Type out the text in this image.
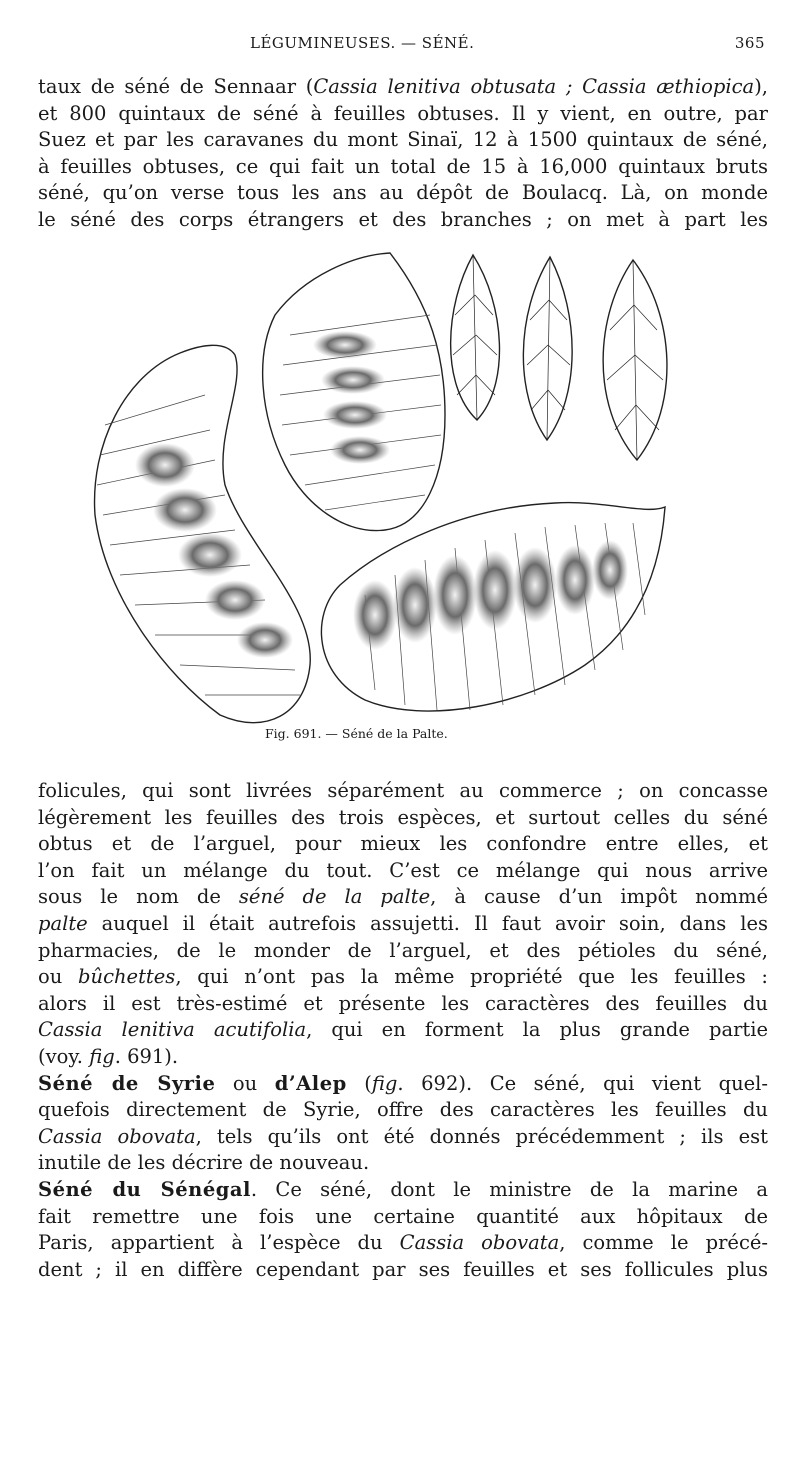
LÉGUMINEUSES. — SÉNÉ.	365
taux de séné de Sennaar (Cassia lenitiva obtusata ; Cassia æthiopica),
et 800 quintaux de séné à feuilles obtuses. Il y vient, en outre, par
Suez et par les caravanes du mont Sinaï, 12 à 1500 quintaux de séné,
à feuilles obtuses, ce qui fait un total de 15 à 16,000 quintaux bruts
séné, qu’on verse tous les ans au dépôt de Boulacq. Là, on monde
le séné des corps étrangers et des branches ; on met à part les
Fig. 691. — Séné de la Palte.
folicules, qui sont livrées séparément au commerce ; on concasse
légèrement les feuilles des trois espèces, et surtout celles du séné
obtus et de l’arguel, pour mieux les confondre entre elles, et
l’on fait un mélange du tout. C’est ce mélange qui nous arrive
sous le nom de séné de la palte, à cause d’un impôt nommé
palte auquel il était autrefois assujetti. Il faut avoir soin, dans les
pharmacies, de le monder de l’arguel, et des pétioles du séné,
ou bûchettes, qui n’ont pas la même propriété que les feuilles :
alors il est très-estimé et présente les caractères des feuilles du
Cassia lenitiva acutifolia, qui en forment la plus grande partie
(voy. fig. 691).
Séné de Syrie ou d’Alep (fig. 692). Ce séné, qui vient quel-
quefois directement de Syrie, offre des caractères les feuilles du
Cassia obovata, tels qu’ils ont été donnés précédemment ; ils est
inutile de les décrire de nouveau.
Séné du Sénégal. Ce séné, dont le ministre de la marine a
fait remettre une fois une certaine quantité aux hôpitaux de
Paris, appartient à l’espèce du Cassia obovata, comme le précé-
dent ; il en diffère cependant par ses feuilles et ses follicules plus
